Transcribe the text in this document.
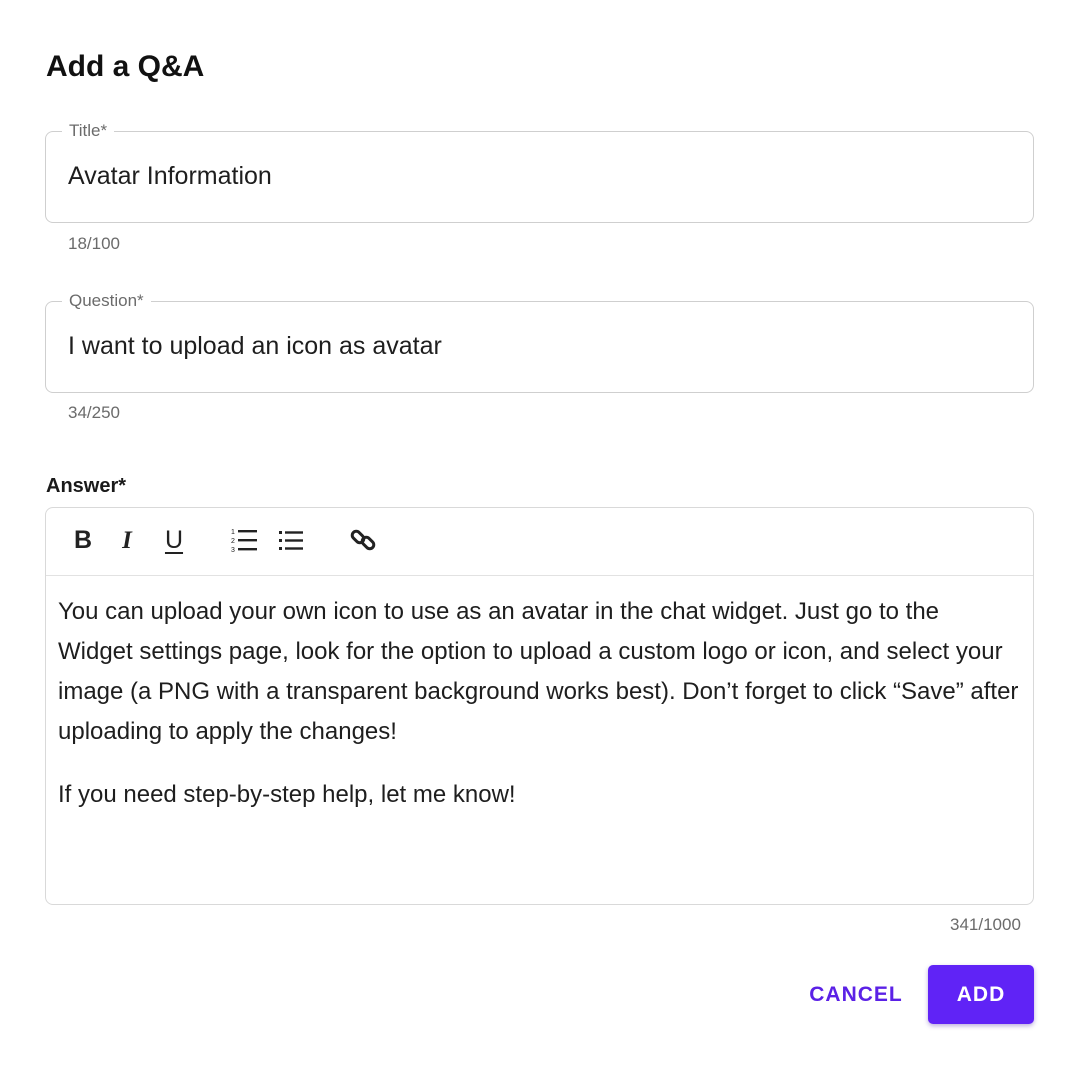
Add a Q&A
Title*
Avatar Information
18/100
Question*
I want to upload an icon as avatar
34/250
Answer*
B I U	1
2
3

You can upload your own icon to use as an avatar in the chat widget. Just go to the Widget settings page, look for the option to upload a custom logo or icon, and select your image (a PNG with a transparent background works best). Don’t forget to click “Save” after uploading to apply the changes!

If you need step-by-step help, let me know!

341/1000
CANCEL	ADD
